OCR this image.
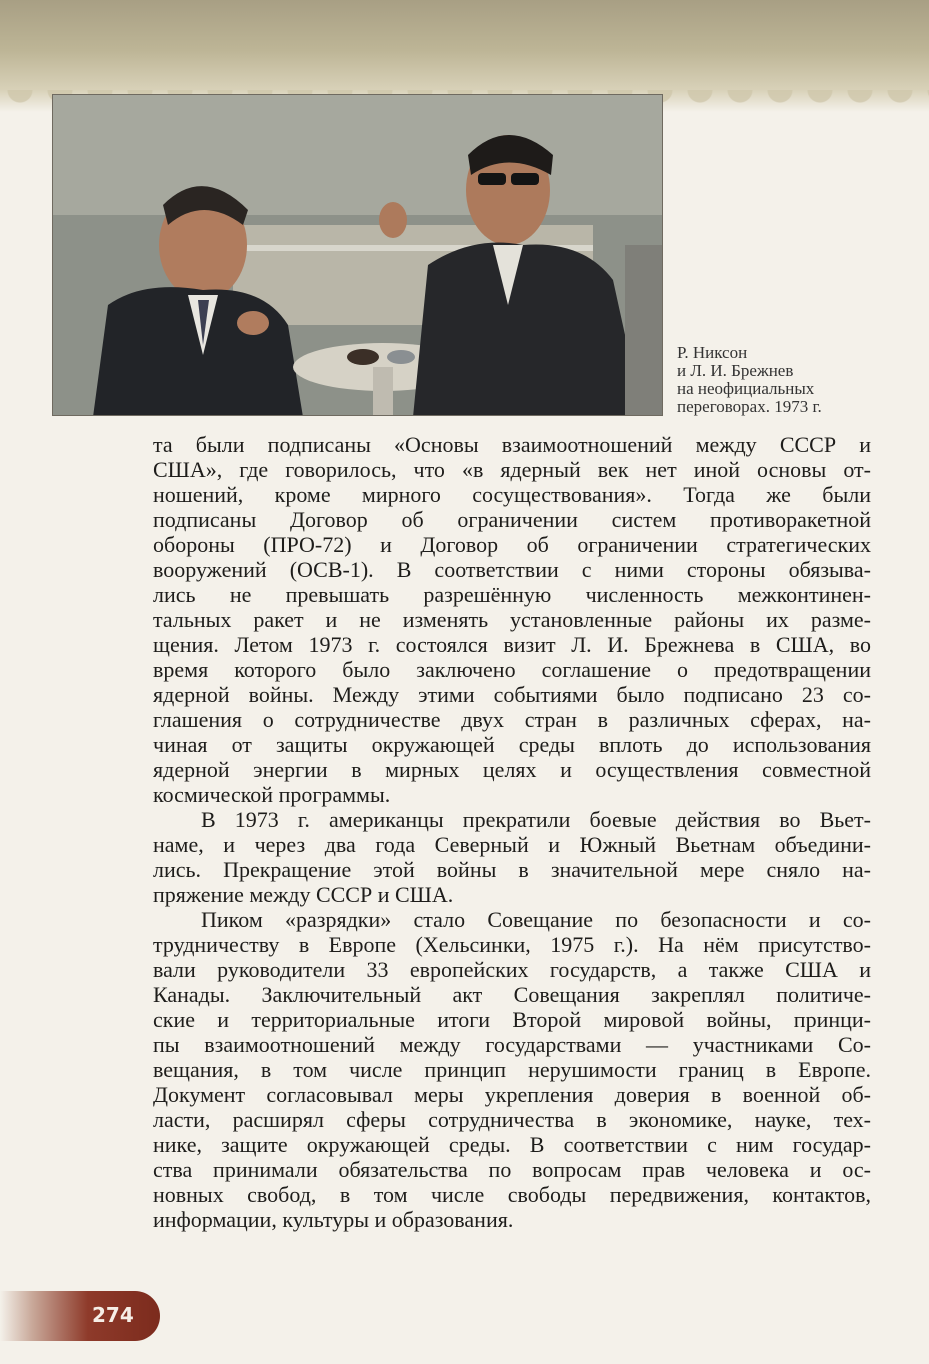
Р. Никсон
и Л. И. Брежнев
на неофициальных
переговорах. 1973 г.
та были подписаны «Основы взаимоотношений между СССР и
США», где говорилось, что «в ядерный век нет иной основы от-
ношений, кроме мирного сосуществования». Тогда же были
подписаны Договор об ограничении систем противоракетной
обороны (ПРО-72) и Договор об ограничении стратегических
вооружений (ОСВ-1). В соответствии с ними стороны обязыва-
лись не превышать разрешённую численность межконтинен-
тальных ракет и не изменять установленные районы их разме-
щения. Летом 1973 г. состоялся визит Л. И. Брежнева в США, во
время которого было заключено соглашение о предотвращении
ядерной войны. Между этими событиями было подписано 23 со-
глашения о сотрудничестве двух стран в различных сферах, на-
чиная от защиты окружающей среды вплоть до использования
ядерной энергии в мирных целях и осуществления совместной
космической программы.
В 1973 г. американцы прекратили боевые действия во Вьет-
наме, и через два года Северный и Южный Вьетнам объедини-
лись. Прекращение этой войны в значительной мере сняло на-
пряжение между СССР и США.
Пиком «разрядки» стало Совещание по безопасности и со-
трудничеству в Европе (Хельсинки, 1975 г.). На нём присутство-
вали руководители 33 европейских государств, а также США и
Канады. Заключительный акт Совещания закреплял политиче-
ские и территориальные итоги Второй мировой войны, принци-
пы взаимоотношений между государствами — участниками Со-
вещания, в том числе принцип нерушимости границ в Европе.
Документ согласовывал меры укрепления доверия в военной об-
ласти, расширял сферы сотрудничества в экономике, науке, тех-
нике, защите окружающей среды. В соответствии с ним государ-
ства принимали обязательства по вопросам прав человека и ос-
новных свобод, в том числе свободы передвижения, контактов,
информации, культуры и образования.
274
